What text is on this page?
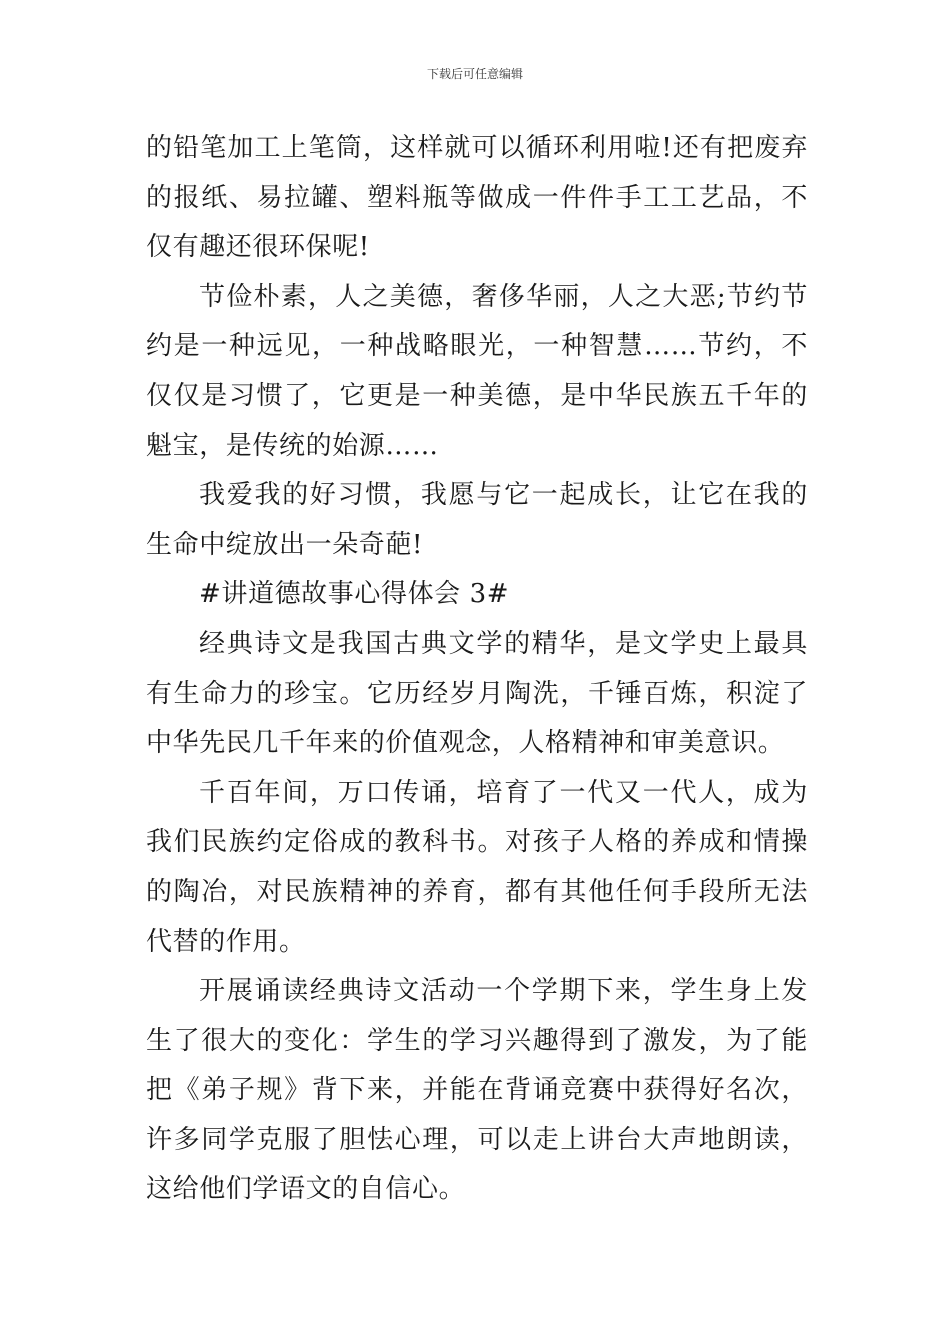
下载后可任意编辑

的铅笔加工上笔筒，这样就可以循环利用啦!还有把废弃的报纸、易拉罐、塑料瓶等做成一件件手工工艺品，不仅有趣还很环保呢!

节俭朴素，人之美德，奢侈华丽，人之大恶;节约节约是一种远见，一种战略眼光，一种智慧……节约，不仅仅是习惯了，它更是一种美德，是中华民族五千年的魁宝，是传统的始源……

我爱我的好习惯，我愿与它一起成长，让它在我的生命中绽放出一朵奇葩!

#讲道德故事心得体会 3#

经典诗文是我国古典文学的精华，是文学史上最具有生命力的珍宝。它历经岁月陶洗，千锤百炼，积淀了中华先民几千年来的价值观念，人格精神和审美意识。

千百年间，万口传诵，培育了一代又一代人，成为我们民族约定俗成的教科书。对孩子人格的养成和情操的陶冶，对民族精神的养育，都有其他任何手段所无法代替的作用。

开展诵读经典诗文活动一个学期下来，学生身上发生了很大的变化：学生的学习兴趣得到了激发，为了能把《弟子规》背下来，并能在背诵竞赛中获得好名次，许多同学克服了胆怯心理，可以走上讲台大声地朗读，这给他们学语文的自信心。
